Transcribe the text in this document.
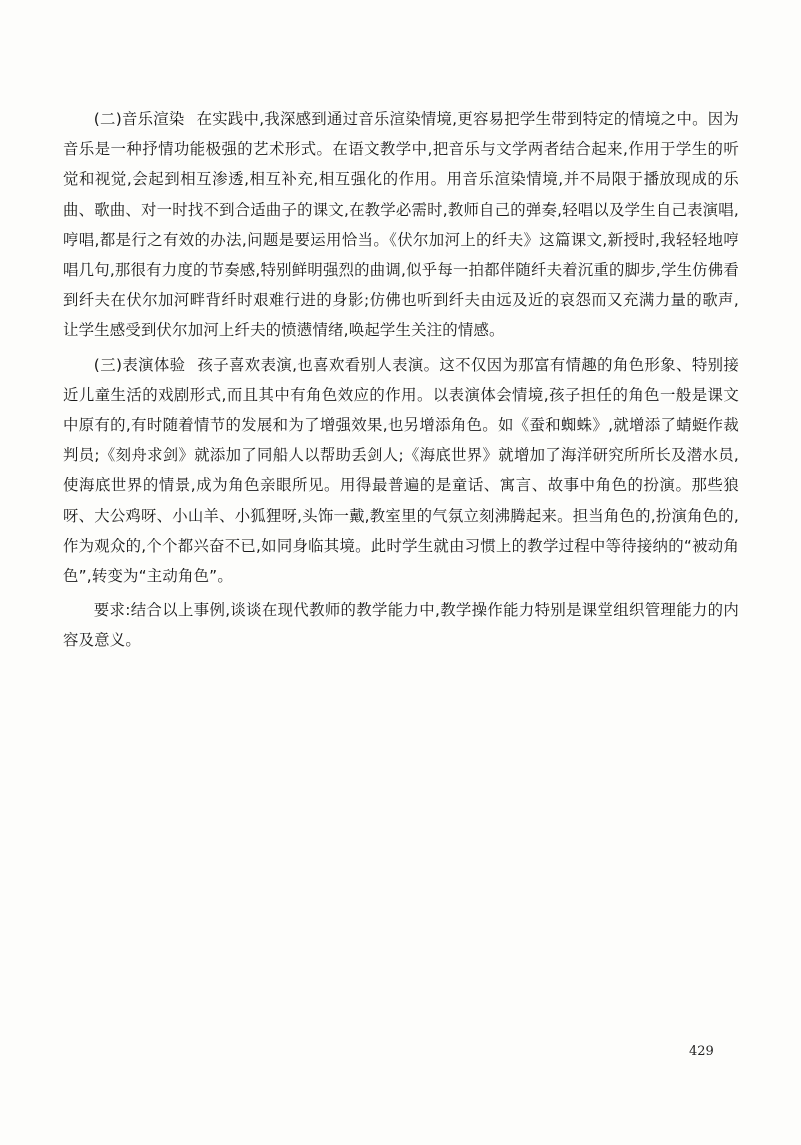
(二)音乐渲染 在实践中,我深感到通过音乐渲染情境,更容易把学生带到特定的情境之中。因为音乐是一种抒情功能极强的艺术形式。在语文教学中,把音乐与文学两者结合起来,作用于学生的听觉和视觉,会起到相互渗透,相互补充,相互强化的作用。用音乐渲染情境,并不局限于播放现成的乐曲、歌曲、对一时找不到合适曲子的课文,在教学必需时,教师自己的弹奏,轻唱以及学生自己表演唱,哼唱,都是行之有效的办法,问题是要运用恰当。《伏尔加河上的纤夫》这篇课文,新授时,我轻轻地哼唱几句,那很有力度的节奏感,特别鲜明强烈的曲调,似乎每一拍都伴随纤夫着沉重的脚步,学生仿佛看到纤夫在伏尔加河畔背纤时艰难行进的身影;仿佛也听到纤夫由远及近的哀怨而又充满力量的歌声,让学生感受到伏尔加河上纤夫的愤懑情绪,唤起学生关注的情感。

(三)表演体验 孩子喜欢表演,也喜欢看别人表演。这不仅因为那富有情趣的角色形象、特别接近儿童生活的戏剧形式,而且其中有角色效应的作用。以表演体会情境,孩子担任的角色一般是课文中原有的,有时随着情节的发展和为了增强效果,也另增添角色。如《蚕和蜘蛛》,就增添了蜻蜓作裁判员;《刻舟求剑》就添加了同船人以帮助丢剑人;《海底世界》就增加了海洋研究所所长及潜水员,使海底世界的情景,成为角色亲眼所见。用得最普遍的是童话、寓言、故事中角色的扮演。那些狼呀、大公鸡呀、小山羊、小狐狸呀,头饰一戴,教室里的气氛立刻沸腾起来。担当角色的,扮演角色的,作为观众的,个个都兴奋不已,如同身临其境。此时学生就由习惯上的教学过程中等待接纳的“被动角色”,转变为“主动角色”。

要求:结合以上事例,谈谈在现代教师的教学能力中,教学操作能力特别是课堂组织管理能力的内容及意义。

429
